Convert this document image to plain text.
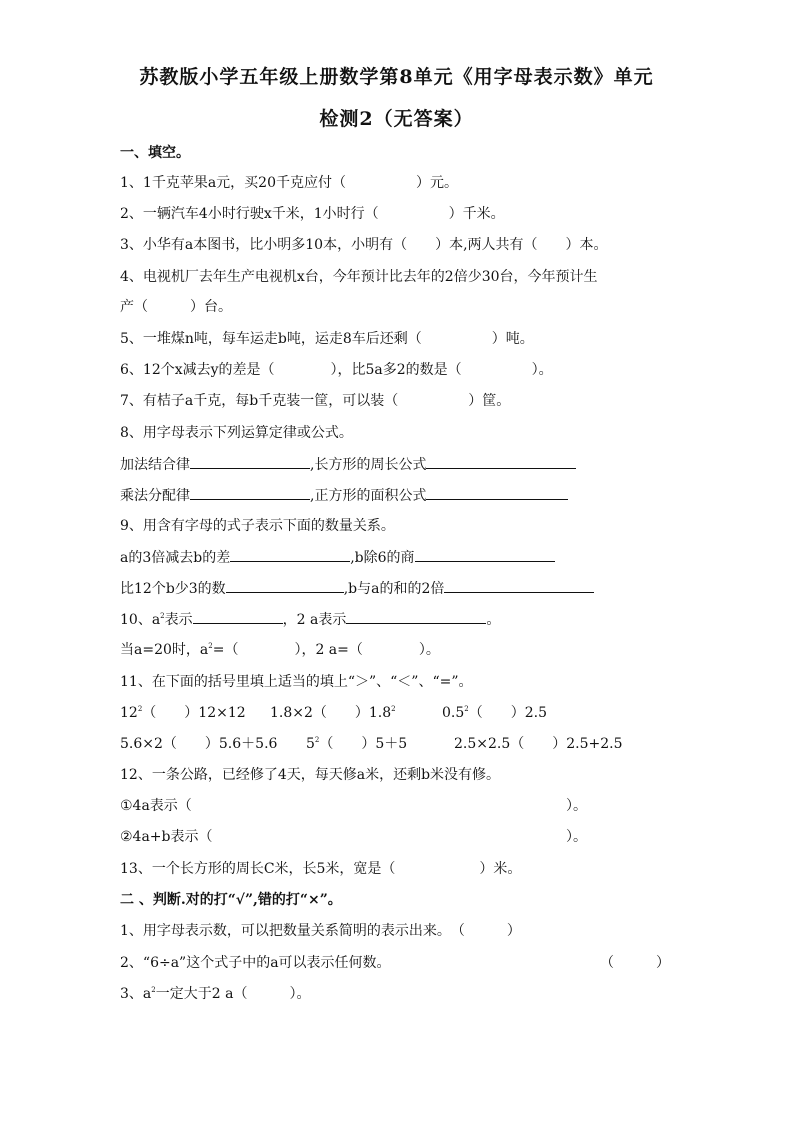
苏教版小学五年级上册数学第8单元《用字母表示数》单元
检测2（无答案）
一、填空。
1、1千克苹果a元，买20千克应付（　　　　　）元。
2、一辆汽车4小时行驶x千米，1小时行（　　　　　）千米。
3、小华有a本图书，比小明多10本，小明有（　　）本,两人共有（　　）本。
4、电视机厂去年生产电视机x台，今年预计比去年的2倍少30台，今年预计生
产（　　　）台。
5、一堆煤n吨，每车运走b吨，运走8车后还剩（　　　　　）吨。
6、12个x减去y的差是（　　　　），比5a多2的数是（　　　　　）。
7、有桔子a千克，每b千克装一筐，可以装（　　　　　）筐。
8、用字母表示下列运算定律或公式。
加法结合律	,长方形的周长公式
乘法分配律	,正方形的面积公式
9、用含有字母的式子表示下面的数量关系。
a的3倍减去b的差	,b除6的商
比12个b少3的数	,b与a的和的2倍
10、$a^2$表示	，2 a表示	。
当a=20时，$a^2=$（　　　　），2 a=（　　　　）。
11、在下面的括号里填上适当的填上“＞”、“＜”、“=”。
$12^2$（　　）12×12 1.8×2（　　）$1.8^2$	$0.5^2$（　　）2.5
5.6×2（　　）5.6＋5.6 $5^2$（　　）5＋5	2.5×2.5（　　）2.5+2.5
12、一条公路，已经修了4天，每天修a米，还剩b米没有修。
①4a表示（	）。
②4a+b表示（	）。
13、一个长方形的周长C米，长5米，宽是（　　　　　　）米。
二 、判断.对的打“√”,错的打“×”。
1、用字母表示数，可以把数量关系简明的表示出来。　（　　　）
2、“6÷a”这个式子中的a可以表示任何数。	（　　　）
3、$a^2$一定大于2 a（　　　）。
